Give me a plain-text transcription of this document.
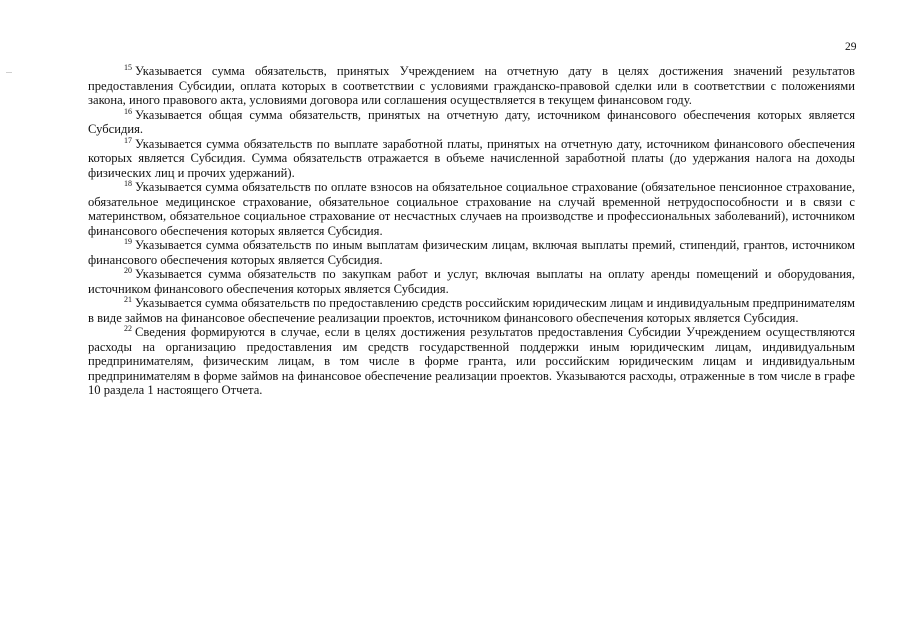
29

$^{15}$ Указывается сумма обязательств, принятых Учреждением на отчетную дату в целях достижения значений результатов предоставления Субсидии, оплата которых в соответствии с условиями гражданско-правовой сделки или в соответствии с положениями закона, иного правового акта, условиями договора или соглашения осуществляется в текущем финансовом году.

$^{16}$ Указывается общая сумма обязательств, принятых на отчетную дату, источником финансового обеспечения которых является Субсидия.

$^{17}$ Указывается сумма обязательств по выплате заработной платы, принятых на отчетную дату, источником финансового обеспечения которых является Субсидия. Сумма обязательств отражается в объеме начисленной заработной платы (до удержания налога на доходы физических лиц и прочих удержаний).

$^{18}$ Указывается сумма обязательств по оплате взносов на обязательное социальное страхование (обязательное пенсионное страхование, обязательное медицинское страхование, обязательное социальное страхование на случай временной нетрудоспособности и в связи с материнством, обязательное социальное страхование от несчастных случаев на производстве и профессиональных заболеваний), источником финансового обеспечения которых является Субсидия.

$^{19}$ Указывается сумма обязательств по иным выплатам физическим лицам, включая выплаты премий, стипендий, грантов, источником финансового обеспечения которых является Субсидия.

$^{20}$ Указывается сумма обязательств по закупкам работ и услуг, включая выплаты на оплату аренды помещений и оборудования, источником финансового обеспечения которых является Субсидия.

$^{21}$ Указывается сумма обязательств по предоставлению средств российским юридическим лицам и индивидуальным предпринимателям в виде займов на финансовое обеспечение реализации проектов, источником финансового обеспечения которых является Субсидия.

$^{22}$ Сведения формируются в случае, если в целях достижения результатов предоставления Субсидии Учреждением осуществляются расходы на организацию предоставления им средств государственной поддержки иным юридическим лицам, индивидуальным предпринимателям, физическим лицам, в том числе в форме гранта, или российским юридическим лицам и индивидуальным предпринимателям в форме займов на финансовое обеспечение реализации проектов. Указываются расходы, отраженные в том числе в графе 10 раздела 1 настоящего Отчета.
